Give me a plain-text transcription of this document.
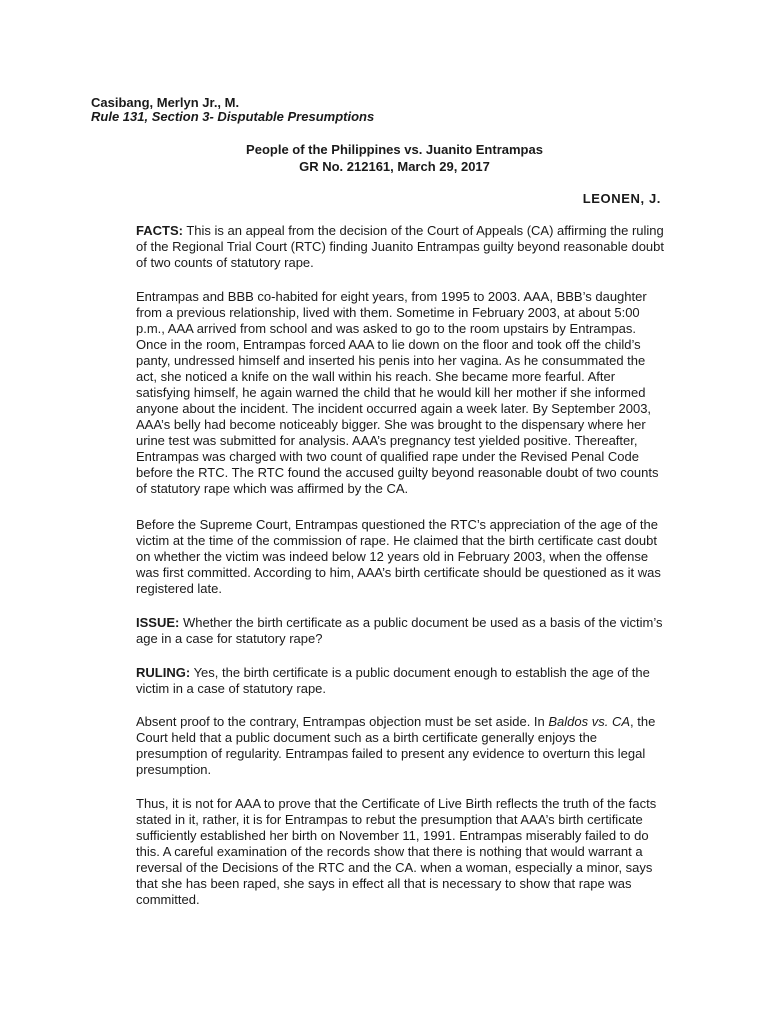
Casibang, Merlyn Jr., M.
Rule 131, Section 3- Disputable Presumptions
People of the Philippines vs. Juanito Entrampas
GR No. 212161, March 29, 2017
LEONEN, J.

FACTS: This is an appeal from the decision of the Court of Appeals (CA) affirming the ruling of the Regional Trial Court (RTC) finding Juanito Entrampas guilty beyond reasonable doubt of two counts of statutory rape.

Entrampas and BBB co-habited for eight years, from 1995 to 2003. AAA, BBB’s daughter from a previous relationship, lived with them. Sometime in February 2003, at about 5:00 p.m., AAA arrived from school and was asked to go to the room upstairs by Entrampas. Once in the room, Entrampas forced AAA to lie down on the floor and took off the child’s panty, undressed himself and inserted his penis into her vagina. As he consummated the act, she noticed a knife on the wall within his reach. She became more fearful. After satisfying himself, he again warned the child that he would kill her mother if she informed anyone about the incident. The incident occurred again a week later. By September 2003, AAA’s belly had become noticeably bigger. She was brought to the dispensary where her urine test was submitted for analysis. AAA’s pregnancy test yielded positive. Thereafter, Entrampas was charged with two count of qualified rape under the Revised Penal Code before the RTC. The RTC found the accused guilty beyond reasonable doubt of two counts of statutory rape which was affirmed by the CA.

Before the Supreme Court, Entrampas questioned the RTC’s appreciation of the age of the victim at the time of the commission of rape. He claimed that the birth certificate cast doubt on whether the victim was indeed below 12 years old in February 2003, when the offense was first committed. According to him, AAA’s birth certificate should be questioned as it was registered late.

ISSUE: Whether the birth certificate as a public document be used as a basis of the victim’s age in a case for statutory rape?

RULING: Yes, the birth certificate is a public document enough to establish the age of the victim in a case of statutory rape.

Absent proof to the contrary, Entrampas objection must be set aside. In Baldos vs. CA, the Court held that a public document such as a birth certificate generally enjoys the presumption of regularity. Entrampas failed to present any evidence to overturn this legal presumption.

Thus, it is not for AAA to prove that the Certificate of Live Birth reflects the truth of the facts stated in it, rather, it is for Entrampas to rebut the presumption that AAA’s birth certificate sufficiently established her birth on November 11, 1991. Entrampas miserably failed to do this. A careful examination of the records show that there is nothing that would warrant a reversal of the Decisions of the RTC and the CA. when a woman, especially a minor, says that she has been raped, she says in effect all that is necessary to show that rape was committed.
